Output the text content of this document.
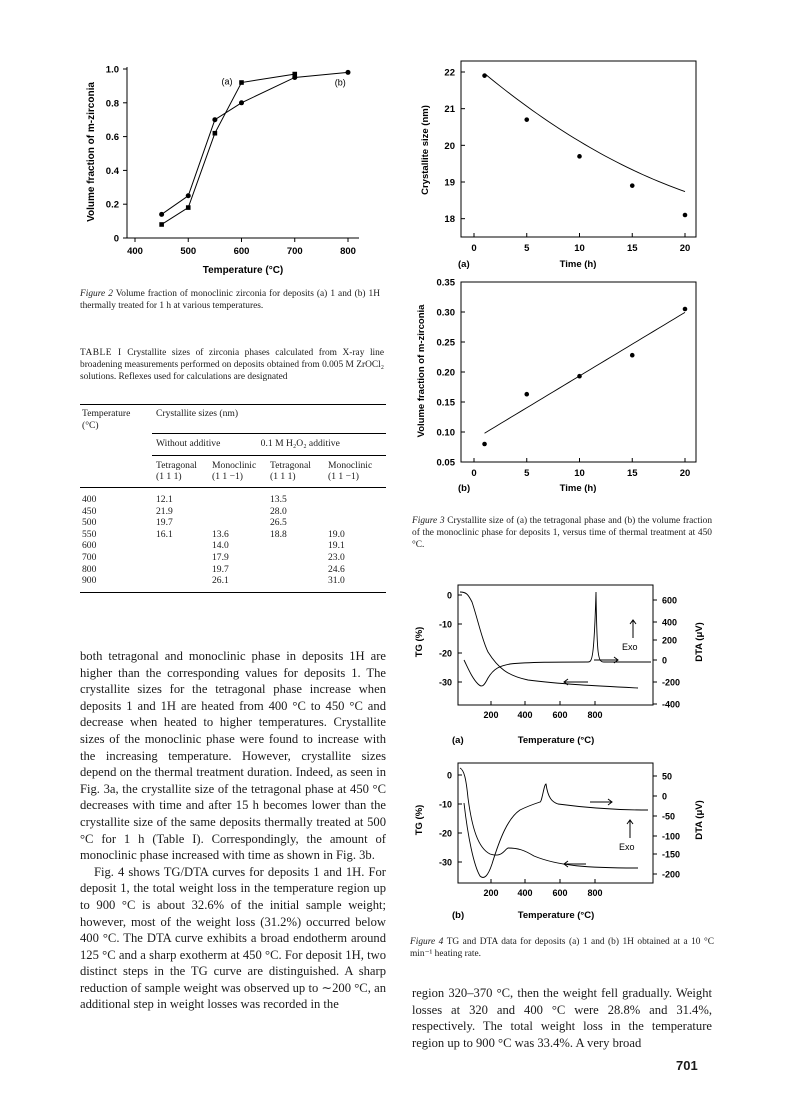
400	500	600	700	800
0
0.2
0.4
0.6
0.8
1.0
(a)	(b)
Temperature (°C)
Volume fraction of m-zirconia
Figure 2 Volume fraction of monoclinic zirconia for deposits (a) 1 and (b) 1H thermally treated for 1 h at various temperatures.
TABLE I Crystallite sizes of zirconia phases calculated from X-ray line broadening measurements performed on deposits obtained from 0.005 M ZrOCl₂ solutions. Reflexes used for calculations are designated
Temperature	Crystallite sizes (nm)
(°C)	
	Without additive	0.1 M H₂O₂ additive
	Tetragonal	Monoclinic	Tetragonal	Monoclinic
	(1 1 1)	(1 1 −1)	(1 1 1)	(1 1 −1)
400	12.1		13.5	
450	21.9		28.0	
500	19.7		26.5	
550	16.1	13.6	18.8	19.0
600		14.0		19.1
700		17.9		23.0
800		19.7		24.6
900		26.1		31.0

both tetragonal and monoclinic phase in deposits 1H are higher than the corresponding values for deposits 1. The crystallite sizes for the tetragonal phase increase when deposits 1 and 1H are heated from 400 °C to 450 °C and decrease when heated to higher temperatures. Crystallite sizes of the monoclinic phase were found to increase with the increasing temperature. However, crystallite sizes depend on the thermal treatment duration. Indeed, as seen in Fig. 3a, the crystallite size of the tetragonal phase at 450 °C decreases with time and after 15 h becomes lower than the crystallite size of the same deposits thermally treated at 500 °C for 1 h (Table I). Correspondingly, the amount of monoclinic phase increased with time as shown in Fig. 3b.

Fig. 4 shows TG/DTA curves for deposits 1 and 1H. For deposit 1, the total weight loss in the temperature region up to 900 °C is about 32.6% of the initial sample weight; however, most of the weight loss (31.2%) occurred below 400 °C. The DTA curve exhibits a broad endotherm around 125 °C and a sharp exotherm at 450 °C. For deposit 1H, two distinct steps in the TG curve are distinguished. A sharp reduction of sample weight was observed up to ∼200 °C, an additional step in weight losses was recorded in the

0	5	10	15	20
18
19
20
21
22
(a)	Time (h)
Crystallite size (nm)
0	5	10	15	20
0.05
0.10
0.15
0.20
0.25
0.30
0.35
(b)	Time (h)
Volume fraction of m-zirconia
Figure 3 Crystallite size of (a) the tetragonal phase and (b) the volume fraction of the monoclinic phase for deposits 1, versus time of thermal treatment at 450 °C.
200 400 600 800
0
-10
-20
-30
600
400
200
0
-200
-400
Exo
(a)	Temperature (°C)
TG (%)	DTA (μV)
200 400 600 800
0
-10
-20
-30
50
0
-50
-100
-150
-200
Exo
(b)	Temperature (°C)
TG (%)	DTA (μV)
Figure 4 TG and DTA data for deposits (a) 1 and (b) 1H obtained at a 10 °C min⁻¹ heating rate.

region 320–370 °C, then the weight fell gradually. Weight losses at 320 and 400 °C were 28.8% and 31.4%, respectively. The total weight loss in the temperature region up to 900 °C was 33.4%. A very broad

701
